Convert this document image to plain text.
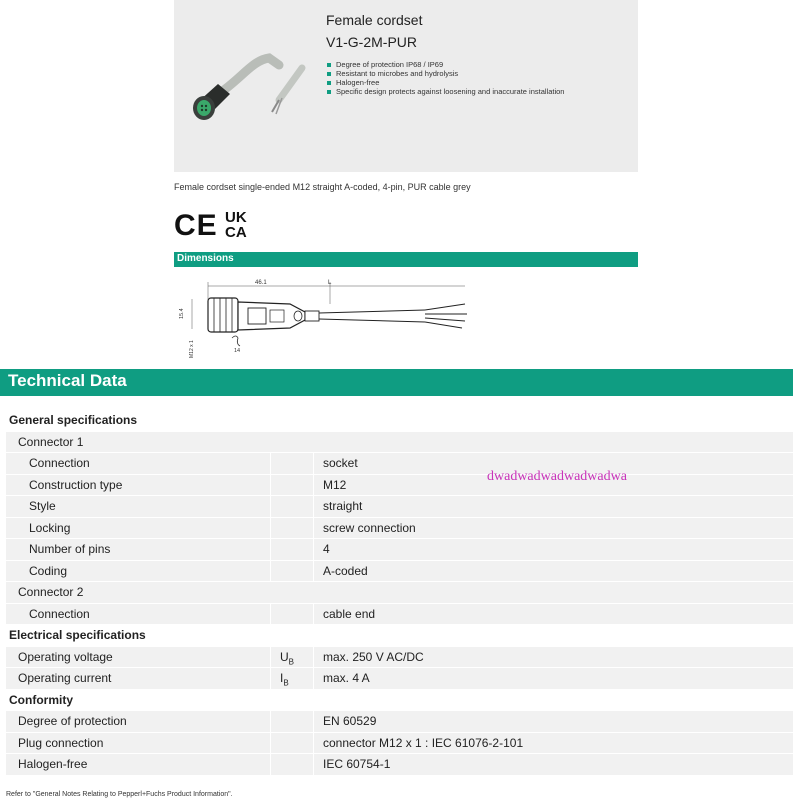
Female cordset
V1-G-2M-PUR
Degree of protection IP68 / IP69
Resistant to microbes and hydrolysis
Halogen-free
Specific design protects against loosening and inaccurate installation
Female cordset single-ended M12 straight A-coded, 4-pin, PUR cable grey
CE UK
CA
Dimensions
46.1	L
15.4
M12 x 1	14
Technical Data
General specifications
Connector 1
Connection	socket
Construction type	M12
Style	straight
Locking	screw connection
Number of pins	4
Coding	A-coded
Connector 2
Connection	cable end
Electrical specifications
Operating voltage	$U_B$ max. 250 V AC/DC
Operating current	$I_B$	max. 4 A
Conformity
Degree of protection	EN 60529
Plug connection	connector M12 x 1 : IEC 61076-2-101
Halogen-free	IEC 60754-1
dwadwadwadwadwadwa
Refer to "General Notes Relating to Pepperl+Fuchs Product Information".
